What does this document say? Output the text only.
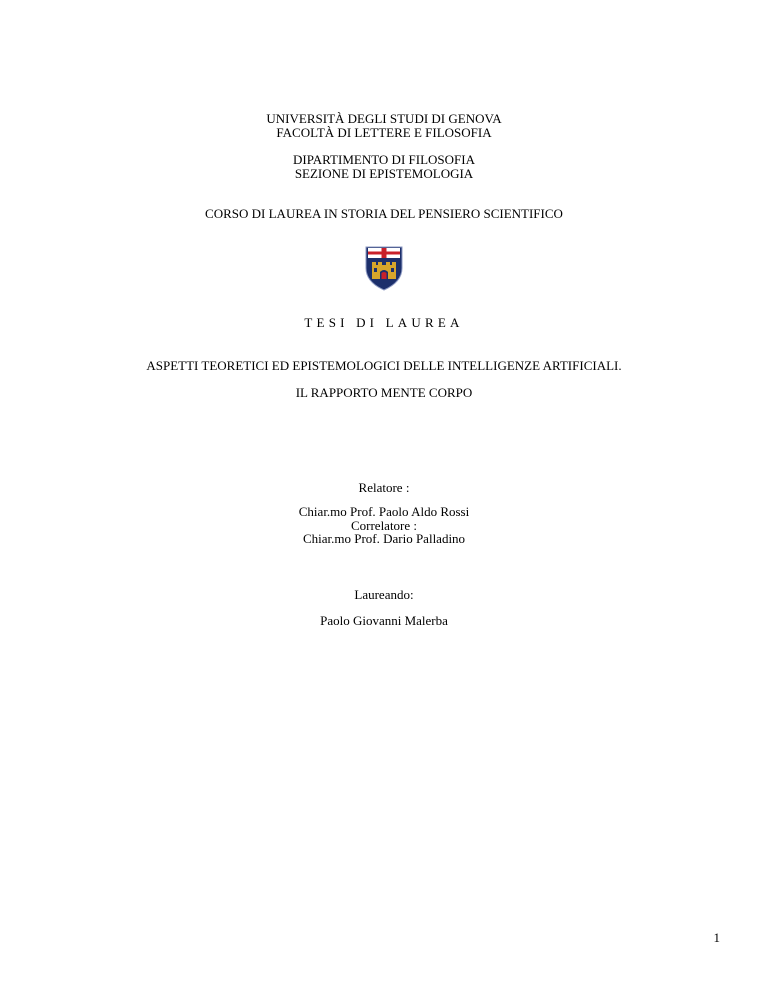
UNIVERSITÀ DEGLI STUDI DI GENOVA
FACOLTÀ DI LETTERE E FILOSOFIA
DIPARTIMENTO DI FILOSOFIA
SEZIONE DI EPISTEMOLOGIA
CORSO DI LAUREA IN STORIA DEL PENSIERO SCIENTIFICO
TESI DI LAUREA
ASPETTI TEORETICI ED EPISTEMOLOGICI DELLE INTELLIGENZE ARTIFICIALI.
IL RAPPORTO MENTE CORPO
Relatore :
Chiar.mo Prof. Paolo Aldo Rossi
Correlatore :
Chiar.mo Prof. Dario Palladino
Laureando:
Paolo Giovanni Malerba
1
